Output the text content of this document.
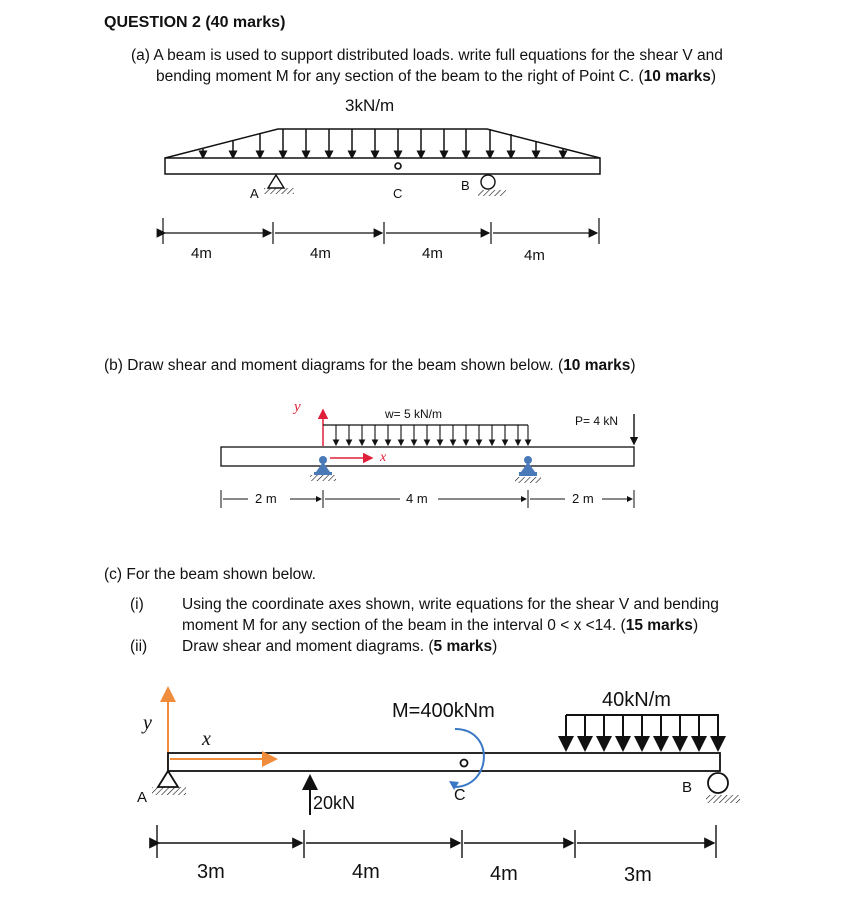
QUESTION 2 (40 marks)
(a) A beam is used to support distributed loads. write full equations for the shear V and
bending moment M for any section of the beam to the right of Point C. (10 marks)
(b) Draw shear and moment diagrams for the beam shown below. (10 marks)
(c) For the beam shown below.
(i) Using the coordinate axes shown, write equations for the shear V and bending
moment M for any section of the beam in the interval 0 < x <14. (15 marks)
(ii) Draw shear and moment diagrams. (5 marks)
3kN/m
A	C
B
4m	4m	4m	4m
y
x
w= 5 kN/m	P= 4 kN
2 m	4 m	2 m
y
x
M=400kNm	40kN/m
20kN
A	C	B
3m	4m	4m	3m
